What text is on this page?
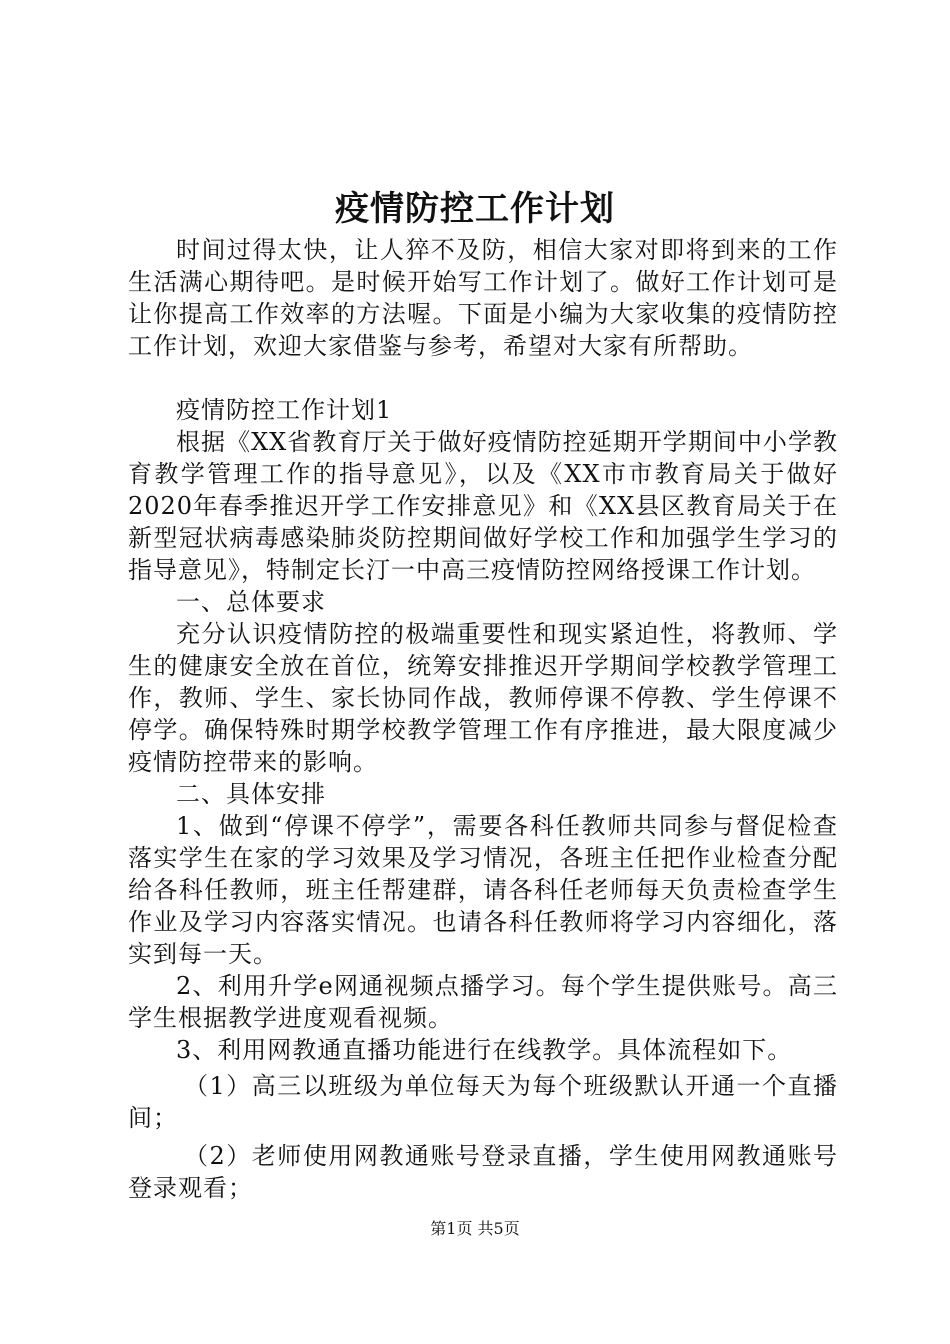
疫情防控工作计划

时间过得太快，让人猝不及防，相信大家对即将到来的工作生活满心期待吧。是时候开始写工作计划了。做好工作计划可是让你提高工作效率的方法喔。下面是小编为大家收集的疫情防控工作计划，欢迎大家借鉴与参考，希望对大家有所帮助。

疫情防控工作计划1

根据《XX省教育厅关于做好疫情防控延期开学期间中小学教育教学管理工作的指导意见》，以及《XX市市教育局关于做好2020年春季推迟开学工作安排意见》和《XX县区教育局关于在新型冠状病毒感染肺炎防控期间做好学校工作和加强学生学习的指导意见》，特制定长汀一中高三疫情防控网络授课工作计划。

一、总体要求

充分认识疫情防控的极端重要性和现实紧迫性，将教师、学生的健康安全放在首位，统筹安排推迟开学期间学校教学管理工作，教师、学生、家长协同作战，教师停课不停教、学生停课不停学。确保特殊时期学校教学管理工作有序推进，最大限度减少疫情防控带来的影响。

二、具体安排

1、做到“停课不停学”，需要各科任教师共同参与督促检查落实学生在家的学习效果及学习情况，各班主任把作业检查分配给各科任教师，班主任帮建群，请各科任老师每天负责检查学生作业及学习内容落实情况。也请各科任教师将学习内容细化，落实到每一天。

2、利用升学e网通视频点播学习。每个学生提供账号。高三学生根据教学进度观看视频。

3、利用网教通直播功能进行在线教学。具体流程如下。

（1）高三以班级为单位每天为每个班级默认开通一个直播间；

（2）老师使用网教通账号登录直播，学生使用网教通账号登录观看；

第1页 共5页
